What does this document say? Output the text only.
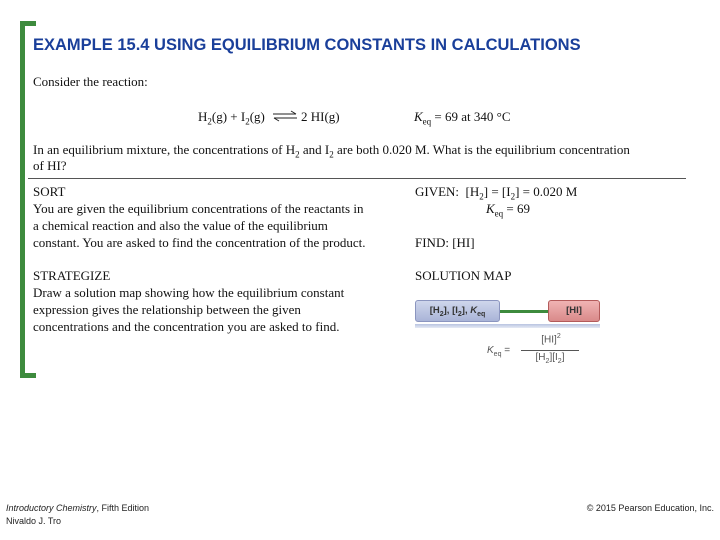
EXAMPLE 15.4 USING EQUILIBRIUM CONSTANTS IN CALCULATIONS
Consider the reaction:
$H_2(g) + I_2(g)$ ⇌ 2 HI(g)	$K_{eq} = 69$ at 340 °C
In an equilibrium mixture, the concentrations of $H_2$ and $I_2$ are both 0.020 M. What is the equilibrium concentration
of HI?
SORT
You are given the equilibrium concentrations of the reactants in
a chemical reaction and also the value of the equilibrium
constant. You are asked to find the concentration of the product.
GIVEN:  $[H_2] = [I_2] = 0.020$ M
$K_{eq} = 69$
FIND: [HI]
STRATEGIZE
Draw a solution map showing how the equilibrium constant
expression gives the relationship between the given
concentrations and the concentration you are asked to find.
SOLUTION MAP
$[H_2]$, $[I_2]$, $K_{eq}$	[HI]
$K_{eq}$ =
[HI]$^2$
$[H_2][I_2]$
Introductory Chemistry, Fifth Edition
Nivaldo J. Tro
© 2015 Pearson Education, Inc.
